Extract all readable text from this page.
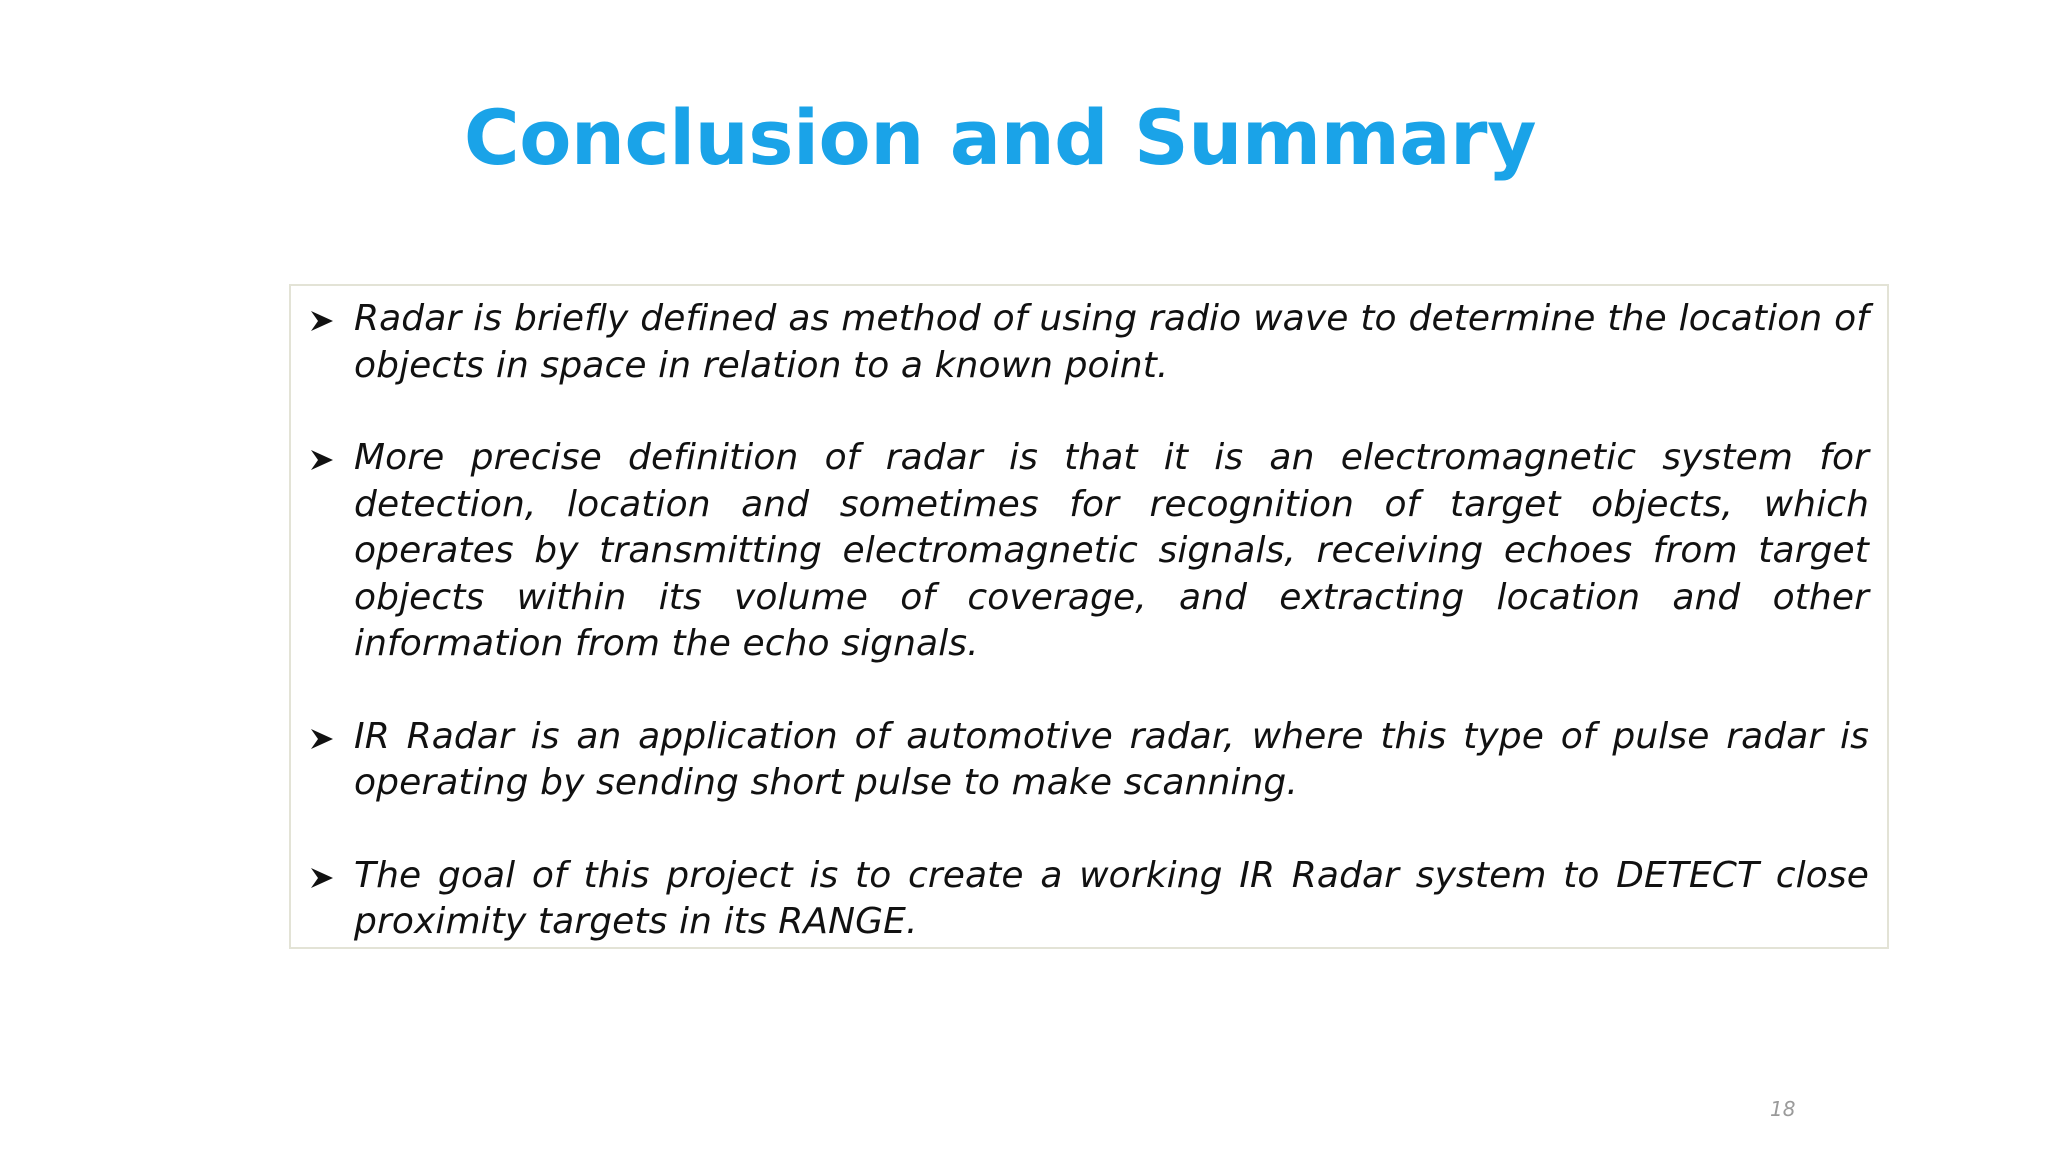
Conclusion and Summary
Radar is briefly defined as method of using radio wave to determine the location of objects in space in relation to a known point.
More precise definition of radar is that it is an electromagnetic system for detection, location and sometimes for recognition of target objects, which operates by transmitting electromagnetic signals, receiving echoes from target objects within its volume of coverage, and extracting location and other information from the echo signals.
IR Radar is an application of automotive radar, where this type of pulse radar is operating by sending short pulse to make scanning.
The goal of this project is to create a working IR Radar system to DETECT close proximity targets in its RANGE.
18
